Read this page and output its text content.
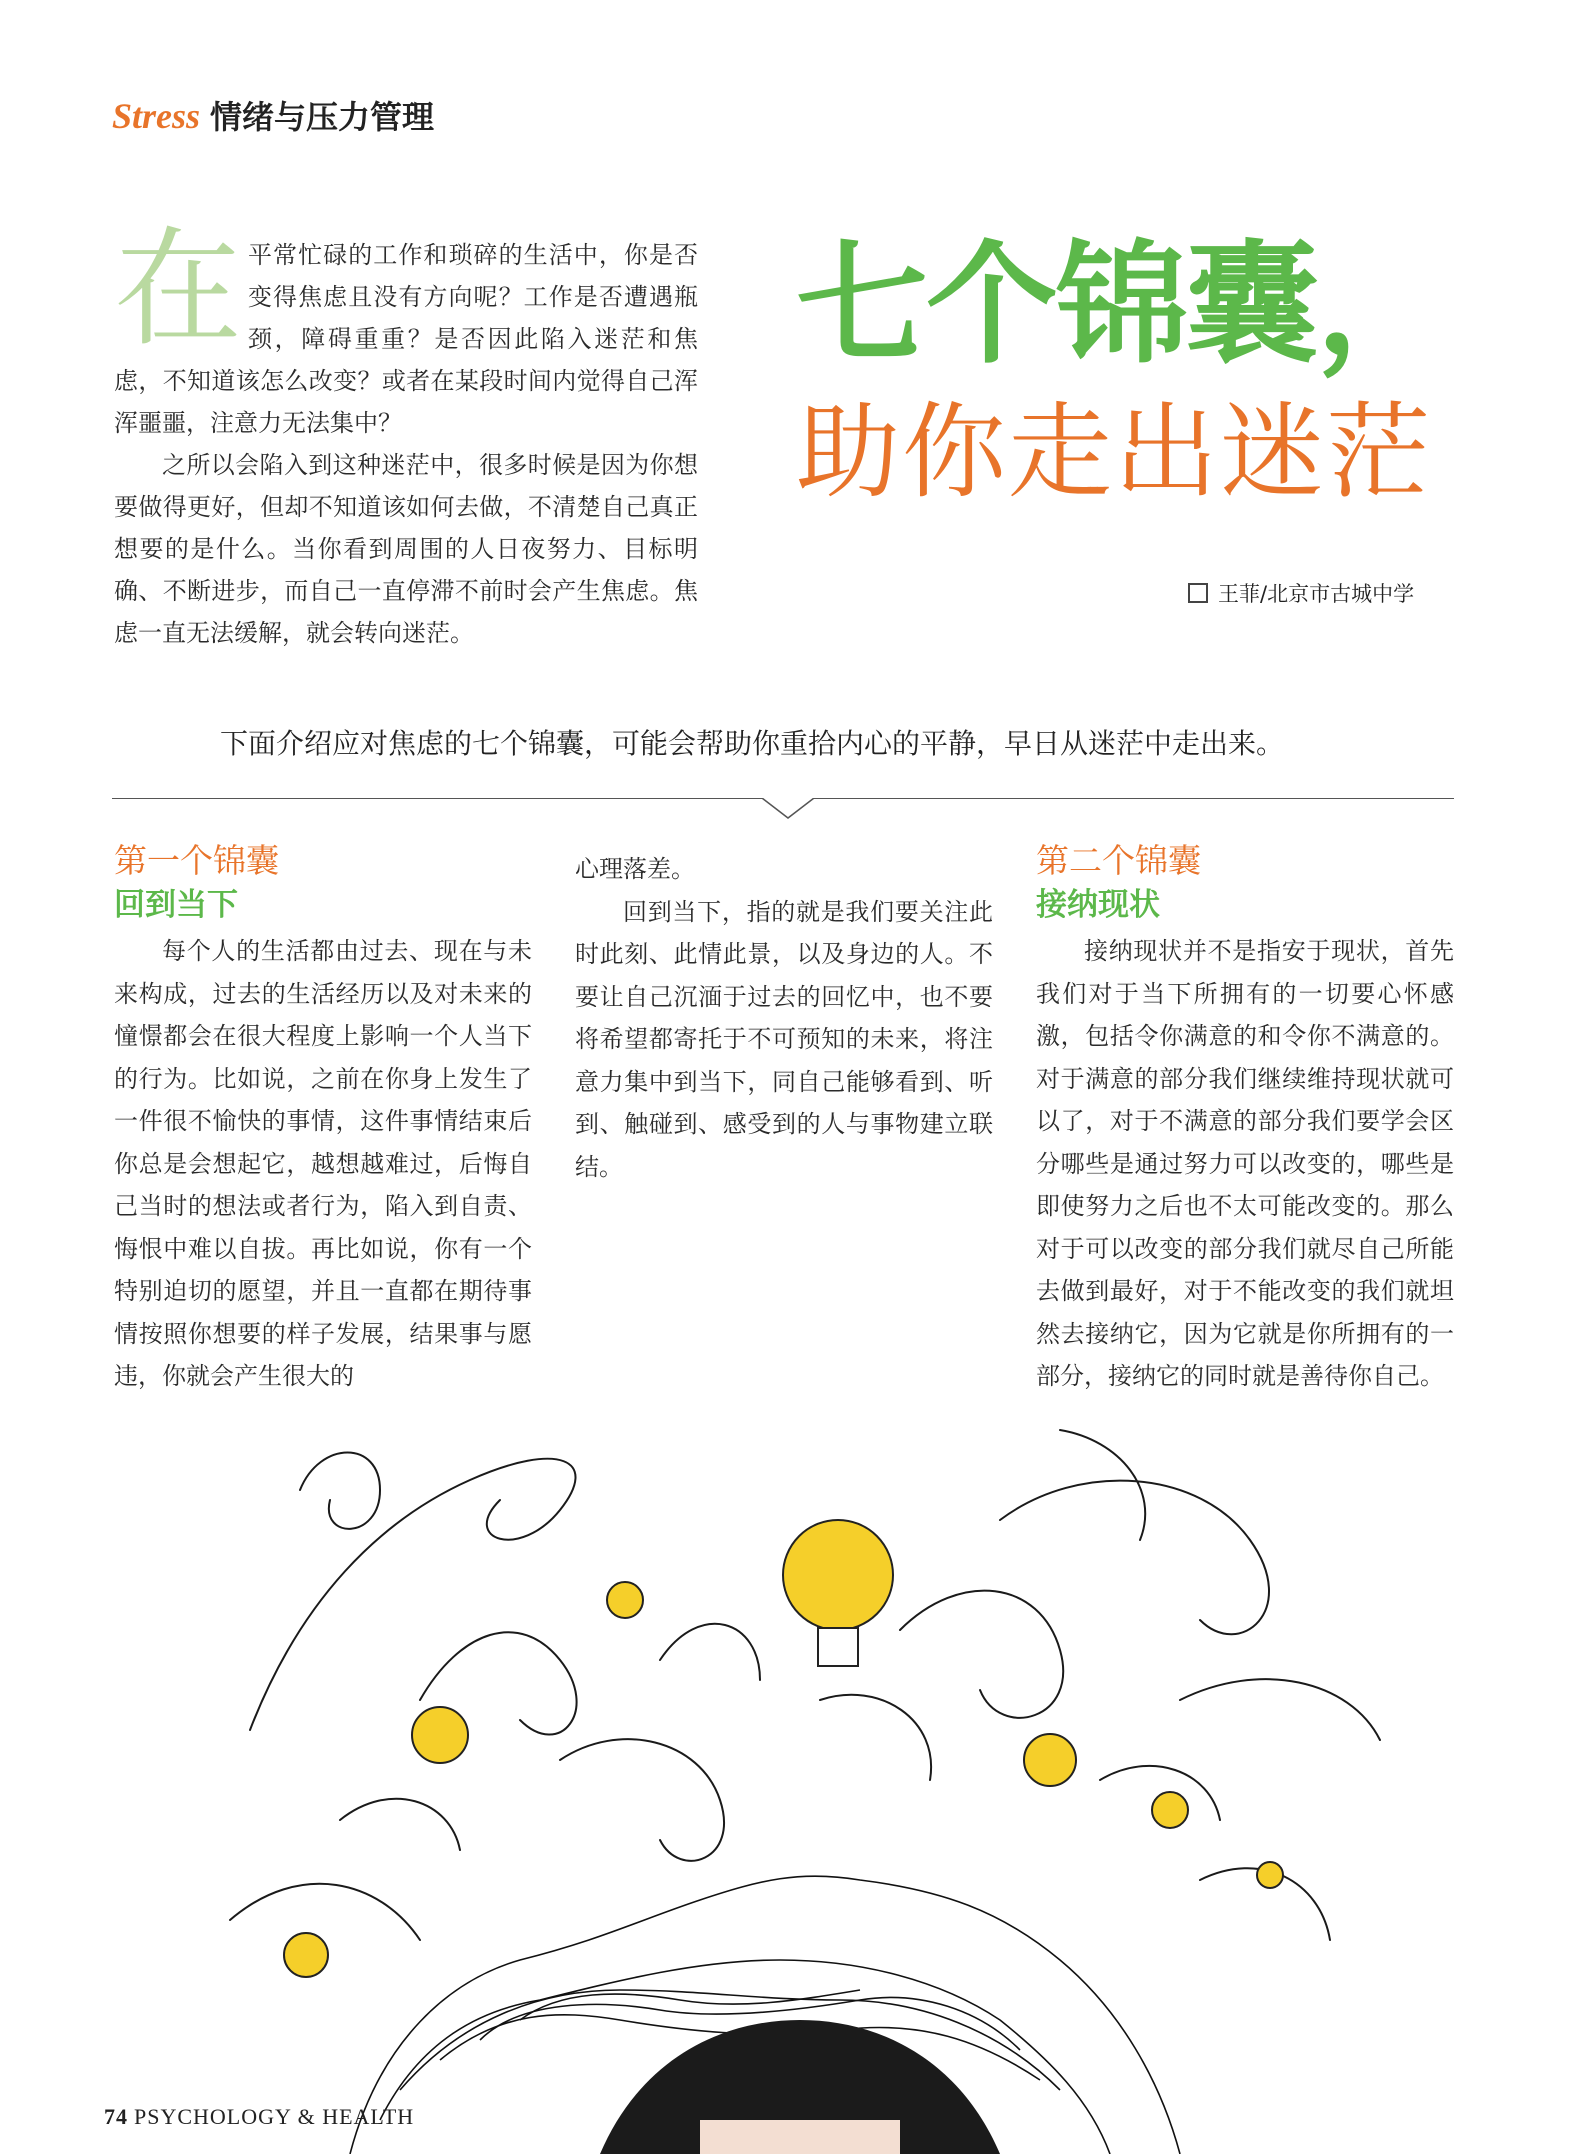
Stress 情绪与压力管理

在平常忙碌的工作和琐碎的生活中，你是否变得焦虑且没有方向呢？工作是否遭遇瓶颈，障碍重重？是否因此陷入迷茫和焦虑，不知道该怎么改变？或者在某段时间内觉得自己浑浑噩噩，注意力无法集中？

之所以会陷入到这种迷茫中，很多时候是因为你想要做得更好，但却不知道该如何去做，不清楚自己真正想要的是什么。当你看到周围的人日夜努力、目标明确、不断进步，而自己一直停滞不前时会产生焦虑。焦虑一直无法缓解，就会转向迷茫。

七个锦囊，
助你走出迷茫
王菲/北京市古城中学
下面介绍应对焦虑的七个锦囊，可能会帮助你重拾内心的平静，早日从迷茫中走出来。
第一个锦囊
回到当下

每个人的生活都由过去、现在与未来构成，过去的生活经历以及对未来的憧憬都会在很大程度上影响一个人当下的行为。比如说，之前在你身上发生了一件很不愉快的事情，这件事情结束后你总是会想起它，越想越难过，后悔自己当时的想法或者行为，陷入到自责、悔恨中难以自拔。再比如说，你有一个特别迫切的愿望，并且一直都在期待事情按照你想要的样子发展，结果事与愿违，你就会产生很大的

心理落差。

回到当下，指的就是我们要关注此时此刻、此情此景，以及身边的人。不要让自己沉湎于过去的回忆中，也不要将希望都寄托于不可预知的未来，将注意力集中到当下，同自己能够看到、听到、触碰到、感受到的人与事物建立联结。

第二个锦囊
接纳现状

接纳现状并不是指安于现状，首先我们对于当下所拥有的一切要心怀感激，包括令你满意的和令你不满意的。对于满意的部分我们继续维持现状就可以了，对于不满意的部分我们要学会区分哪些是通过努力可以改变的，哪些是即使努力之后也不太可能改变的。那么对于可以改变的部分我们就尽自己所能去做到最好，对于不能改变的我们就坦然去接纳它，因为它就是你所拥有的一部分，接纳它的同时就是善待你自己。

74 PSYCHOLOGY & HEALTH
